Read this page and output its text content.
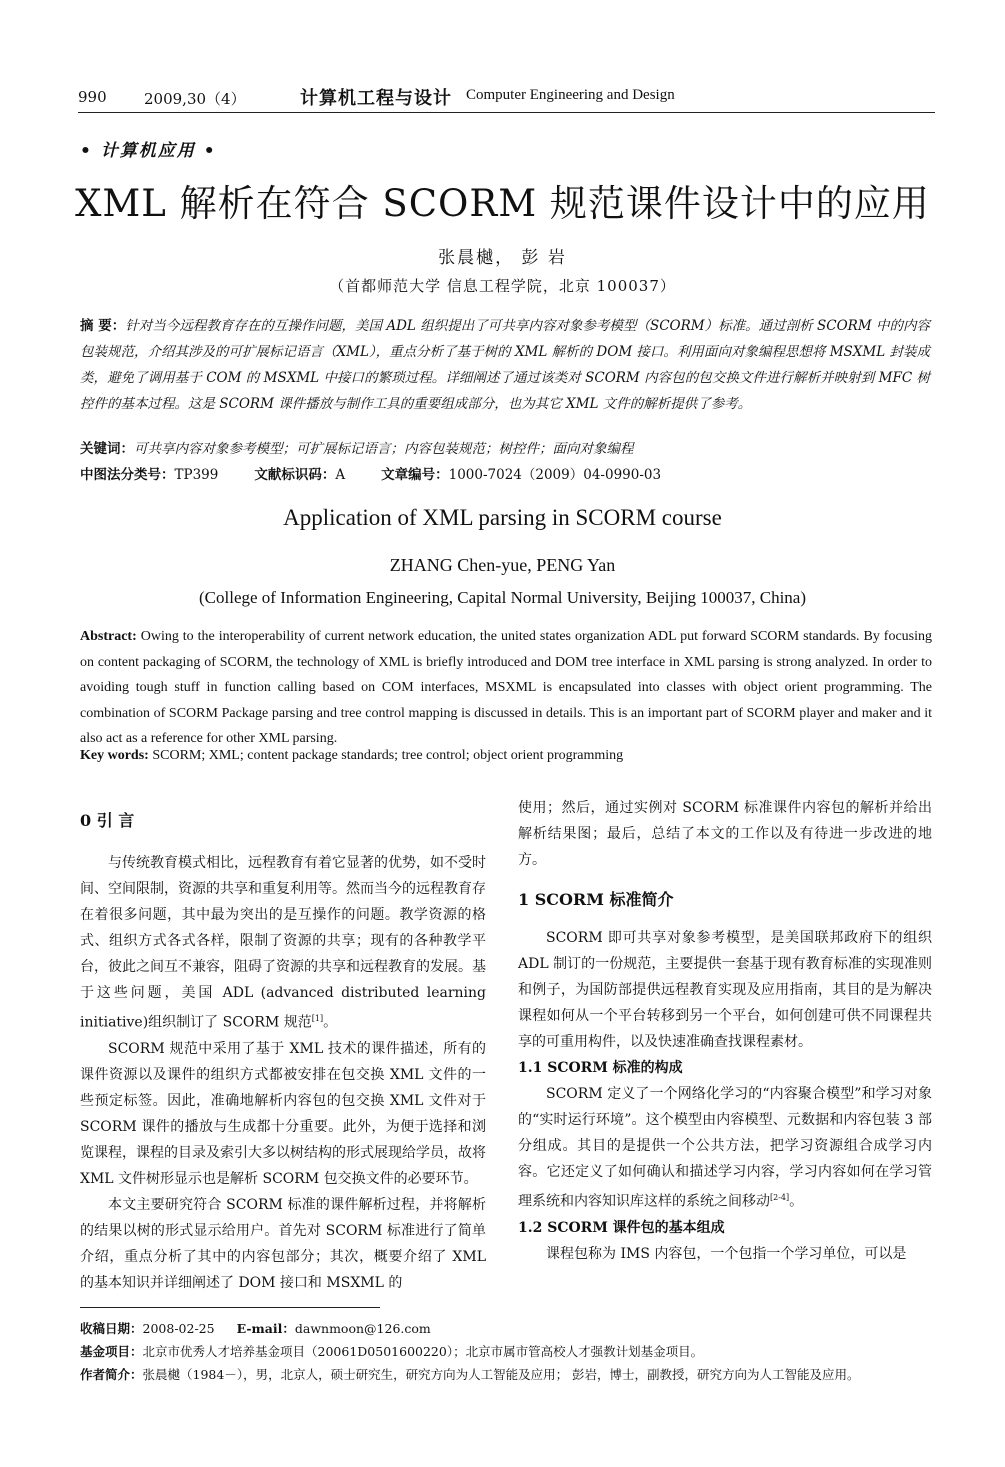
990 2009,30（4）	计算机工程与设计 Computer Engineering and Design
• 计算机应用 •
XML 解析在符合 SCORM 规范课件设计中的应用
张晨樾， 彭 岩
（首都师范大学 信息工程学院，北京 100037）
摘 要：针对当今远程教育存在的互操作问题，美国 ADL 组织提出了可共享内容对象参考模型（SCORM）标准。通过剖析 SCORM 中的内容包装规范，介绍其涉及的可扩展标记语言（XML），重点分析了基于树的 XML 解析的 DOM 接口。利用面向对象编程思想将 MSXML 封装成类，避免了调用基于 COM 的 MSXML 中接口的繁琐过程。详细阐述了通过该类对 SCORM 内容包的包交换文件进行解析并映射到 MFC 树控件的基本过程。这是 SCORM 课件播放与制作工具的重要组成部分，也为其它 XML 文件的解析提供了参考。
关键词：可共享内容对象参考模型；可扩展标记语言；内容包装规范；树控件；面向对象编程
中图法分类号：TP399	文献标识码：A	文章编号：1000-7024（2009）04-0990-03
Application of XML parsing in SCORM course
ZHANG Chen-yue, PENG Yan
(College of Information Engineering, Capital Normal University, Beijing 100037, China)
Abstract: Owing to the interoperability of current network education, the united states organization ADL put forward SCORM standards. By focusing on content packaging of SCORM, the technology of XML is briefly introduced and DOM tree interface in XML parsing is strong analyzed. In order to avoiding tough stuff in function calling based on COM interfaces, MSXML is encapsulated into classes with object orient programming. The combination of SCORM Package parsing and tree control mapping is discussed in details. This is an important part of SCORM player and maker and it also act as a reference for other XML parsing.
Key words: SCORM; XML; content package standards; tree control; object orient programming
0 引 言

与传统教育模式相比，远程教育有着它显著的优势，如不受时间、空间限制，资源的共享和重复利用等。然而当今的远程教育存在着很多问题，其中最为突出的是互操作的问题。教学资源的格式、组织方式各式各样，限制了资源的共享；现有的各种教学平台，彼此之间互不兼容，阻碍了资源的共享和远程教育的发展。基于这些问题，美国 ADL (advanced distributed learning initiative)组织制订了 SCORM 规范[1]。

SCORM 规范中采用了基于 XML 技术的课件描述，所有的课件资源以及课件的组织方式都被安排在包交换 XML 文件的一些预定标签。因此，准确地解析内容包的包交换 XML 文件对于 SCORM 课件的播放与生成都十分重要。此外，为便于选择和浏览课程，课程的目录及索引大多以树结构的形式展现给学员，故将 XML 文件树形显示也是解析 SCORM 包交换文件的必要环节。

本文主要研究符合 SCORM 标准的课件解析过程，并将解析的结果以树的形式显示给用户。首先对 SCORM 标准进行了简单介绍，重点分析了其中的内容包部分；其次，概要介绍了 XML 的基本知识并详细阐述了 DOM 接口和 MSXML 的

使用；然后，通过实例对 SCORM 标准课件内容包的解析并给出解析结果图；最后，总结了本文的工作以及有待进一步改进的地方。

1 SCORM 标准简介

SCORM 即可共享对象参考模型，是美国联邦政府下的组织 ADL 制订的一份规范，主要提供一套基于现有教育标准的实现准则和例子，为国防部提供远程教育实现及应用指南，其目的是为解决课程如何从一个平台转移到另一个平台，如何创建可供不同课程共享的可重用构件，以及快速准确查找课程素材。

1.1 SCORM 标准的构成

SCORM 定义了一个网络化学习的“内容聚合模型”和学习对象的“实时运行环境”。这个模型由内容模型、元数据和内容包装 3 部分组成。其目的是提供一个公共方法，把学习资源组合成学习内容。它还定义了如何确认和描述学习内容，学习内容如何在学习管理系统和内容知识库这样的系统之间移动[2-4]。

1.2 SCORM 课件包的基本组成

课程包称为 IMS 内容包，一个包指一个学习单位，可以是

收稿日期：2008-02-25 E-mail：dawnmoon@126.com
基金项目：北京市优秀人才培养基金项目（20061D0501600220）；北京市属市管高校人才强教计划基金项目。
作者简介：张晨樾（1984－），男，北京人，硕士研究生，研究方向为人工智能及应用； 彭岩，博士，副教授，研究方向为人工智能及应用。
